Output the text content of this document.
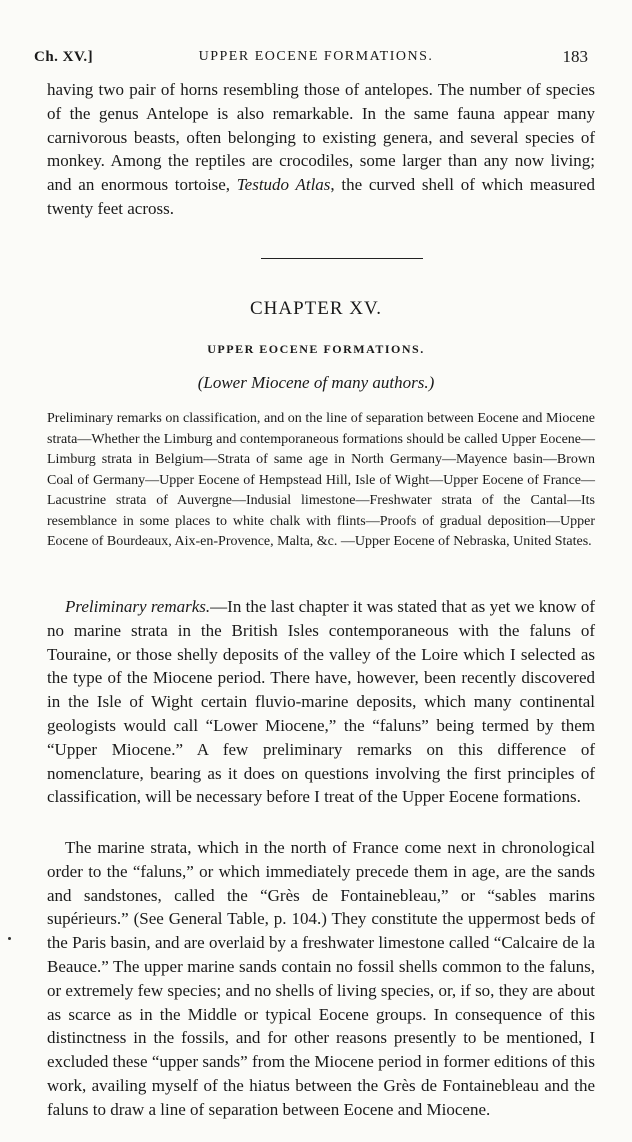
Ch. XV.]	UPPER EOCENE FORMATIONS.	183
having two pair of horns resembling those of antelopes. The number of species of the genus Antelope is also remarkable. In the same fauna appear many carnivorous beasts, often belonging to existing genera, and several species of monkey. Among the reptiles are crocodiles, some larger than any now living; and an enormous tortoise, Testudo Atlas, the curved shell of which measured twenty feet across.
CHAPTER XV.
UPPER EOCENE FORMATIONS.
(Lower Miocene of many authors.)
Preliminary remarks on classification, and on the line of separation between Eocene and Miocene strata—Whether the Limburg and contemporaneous formations should be called Upper Eocene—Limburg strata in Belgium—Strata of same age in North Germany—Mayence basin—Brown Coal of Germany—Upper Eocene of Hempstead Hill, Isle of Wight—Upper Eocene of France—Lacustrine strata of Auvergne—Indusial limestone—Freshwater strata of the Cantal—Its resemblance in some places to white chalk with flints—Proofs of gradual deposition—Upper Eocene of Bourdeaux, Aix-en-Provence, Malta, &c. —Upper Eocene of Nebraska, United States.
Preliminary remarks.—In the last chapter it was stated that as yet we know of no marine strata in the British Isles contemporaneous with the faluns of Touraine, or those shelly deposits of the valley of the Loire which I selected as the type of the Miocene period. There have, however, been recently discovered in the Isle of Wight certain fluvio-marine deposits, which many continental geologists would call “Lower Miocene,” the “faluns” being termed by them “Upper Miocene.” A few preliminary remarks on this difference of nomenclature, bearing as it does on questions involving the first principles of classification, will be necessary before I treat of the Upper Eocene formations.
The marine strata, which in the north of France come next in chronological order to the “faluns,” or which immediately precede them in age, are the sands and sandstones, called the “Grès de Fontainebleau,” or “sables marins supérieurs.” (See General Table, p. 104.) They constitute the uppermost beds of the Paris basin, and are overlaid by a freshwater limestone called “Calcaire de la Beauce.” The upper marine sands contain no fossil shells common to the faluns, or extremely few species; and no shells of living species, or, if so, they are about as scarce as in the Middle or typical Eocene groups. In consequence of this distinctness in the fossils, and for other reasons presently to be mentioned, I excluded these “upper sands” from the Miocene period in former editions of this work, availing myself of the hiatus between the Grès de Fontainebleau and the faluns to draw a line of separation between Eocene and Miocene.
